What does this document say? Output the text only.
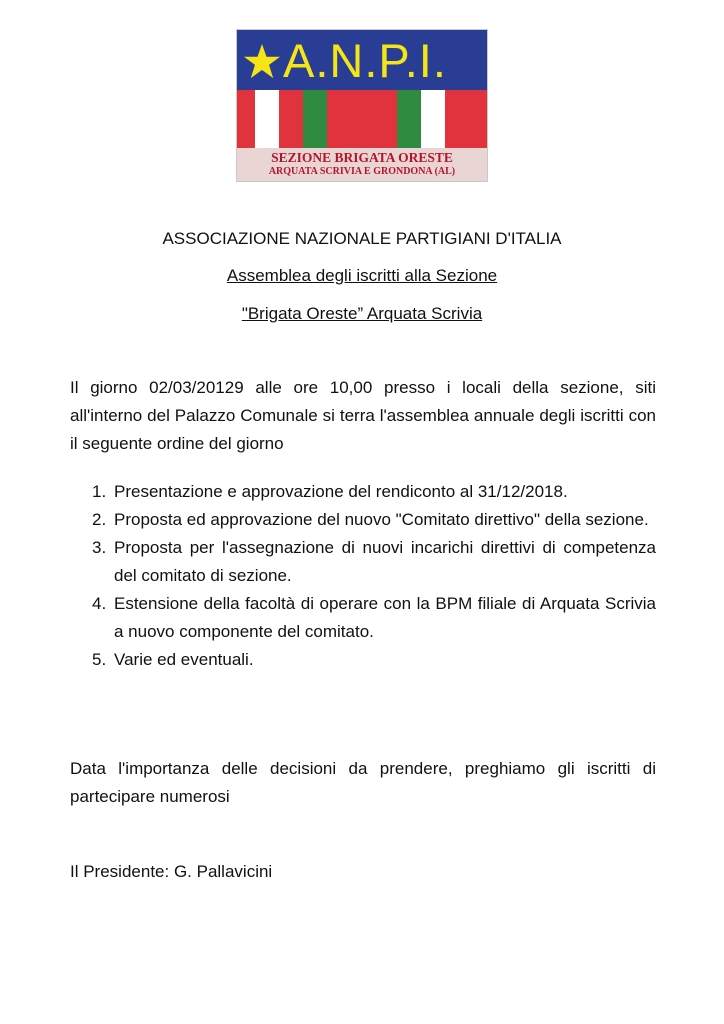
A.N.P.I.
SEZIONE BRIGATA ORESTE
ARQUATA SCRIVIA E GRONDONA (AL)
ASSOCIAZIONE NAZIONALE PARTIGIANI D'ITALIA
Assemblea degli iscritti alla Sezione
"Brigata Oreste” Arquata Scrivia

Il giorno 02/03/20129 alle ore 10,00 presso i locali della sezione, siti all'interno del Palazzo Comunale si terra l'assemblea annuale degli iscritti con il seguente ordine del giorno

1. Presentazione e approvazione del rendiconto al 31/12/2018.
2. Proposta ed approvazione del nuovo "Comitato direttivo" della sezione.
3. Proposta per l'assegnazione di nuovi incarichi direttivi di competenza del comitato di sezione.
4. Estensione della facoltà di operare con la BPM filiale di Arquata Scrivia a nuovo componente del comitato.
5. Varie ed eventuali.

Data l'importanza delle decisioni da prendere, preghiamo gli iscritti di partecipare numerosi

Il Presidente: G. Pallavicini
